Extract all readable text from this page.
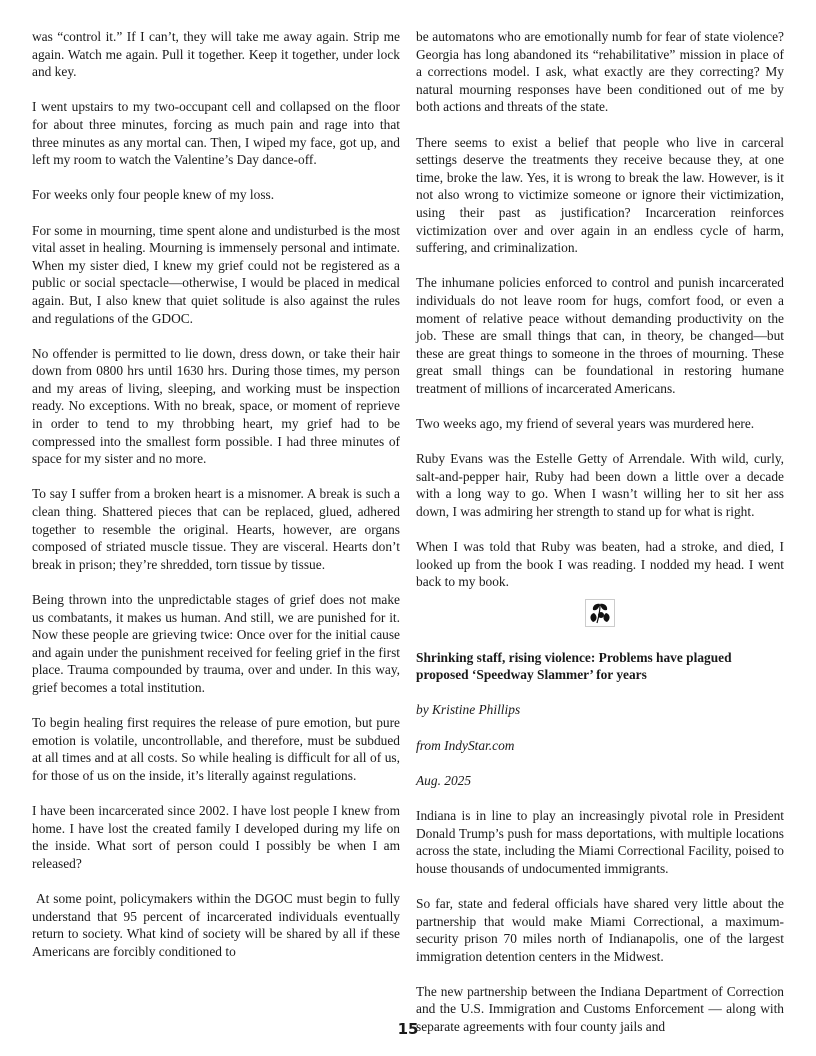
was “control it.” If I can’t, they will take me away again. Strip me again. Watch me again. Pull it together. Keep it together, under lock and key.

I went upstairs to my two-occupant cell and collapsed on the floor for about three minutes, forcing as much pain and rage into that three minutes as any mortal can. Then, I wiped my face, got up, and left my room to watch the Valentine’s Day dance-off.

For weeks only four people knew of my loss.

For some in mourning, time spent alone and undisturbed is the most vital asset in healing. Mourning is immensely personal and intimate. When my sister died, I knew my grief could not be registered as a public or social spectacle—otherwise, I would be placed in medical again. But, I also knew that quiet solitude is also against the rules and regulations of the GDOC.

No offender is permitted to lie down, dress down, or take their hair down from 0800 hrs until 1630 hrs. During those times, my person and my areas of living, sleeping, and working must be inspection ready. No exceptions. With no break, space, or moment of reprieve in order to tend to my throbbing heart, my grief had to be compressed into the smallest form possible. I had three minutes of space for my sister and no more.

To say I suffer from a broken heart is a misnomer. A break is such a clean thing. Shattered pieces that can be replaced, glued, adhered together to resemble the original. Hearts, however, are organs composed of striated muscle tissue. They are visceral. Hearts don’t break in prison; they’re shredded, torn tissue by tissue.

Being thrown into the unpredictable stages of grief does not make us combatants, it makes us human. And still, we are punished for it. Now these people are grieving twice: Once over for the initial cause and again under the punishment received for feeling grief in the first place. Trauma compounded by trauma, over and under. In this way, grief becomes a total institution.

To begin healing first requires the release of pure emotion, but pure emotion is volatile, uncontrollable, and therefore, must be subdued at all times and at all costs. So while healing is difficult for all of us, for those of us on the inside, it’s literally against regulations.

I have been incarcerated since 2002. I have lost people I knew from home. I have lost the created family I developed during my life on the inside. What sort of person could I possibly be when I am released?

At some point, policymakers within the DGOC must begin to fully understand that 95 percent of incarcerated individuals eventually return to society. What kind of society will be shared by all if these Americans are forcibly conditioned to

be automatons who are emotionally numb for fear of state violence? Georgia has long abandoned its “rehabilitative” mission in place of a corrections model. I ask, what exactly are they correcting? My natural mourning responses have been conditioned out of me by both actions and threats of the state.

There seems to exist a belief that people who live in carceral settings deserve the treatments they receive because they, at one time, broke the law. Yes, it is wrong to break the law. However, is it not also wrong to victimize someone or ignore their victimization, using their past as justification? Incarceration reinforces victimization over and over again in an endless cycle of harm, suffering, and criminalization.

The inhumane policies enforced to control and punish incarcerated individuals do not leave room for hugs, comfort food, or even a moment of relative peace without demanding productivity on the job. These are small things that can, in theory, be changed—but these are great things to someone in the throes of mourning. These great small things can be foundational in restoring humane treatment of millions of incarcerated Americans.

Two weeks ago, my friend of several years was murdered here.

Ruby Evans was the Estelle Getty of Arrendale. With wild, curly, salt-and-pepper hair, Ruby had been down a little over a decade with a long way to go. When I wasn’t willing her to sit her ass down, I was admiring her strength to stand up for what is right.

When I was told that Ruby was beaten, had a stroke, and died, I looked up from the book I was reading. I nodded my head. I went back to my book.

Shrinking staff, rising violence: Problems have plagued proposed ‘Speedway Slammer’ for years

by Kristine Phillips

from IndyStar.com

Aug. 2025

Indiana is in line to play an increasingly pivotal role in President Donald Trump’s push for mass deportations, with multiple locations across the state, including the Miami Correctional Facility, poised to house thousands of undocumented immigrants.

So far, state and federal officials have shared very little about the partnership that would make Miami Correctional, a maximum-security prison 70 miles north of Indianapolis, one of the largest immigration detention centers in the Midwest.

The new partnership between the Indiana Department of Correction and the U.S. Immigration and Customs Enforcement — along with separate agreements with four county jails and

15
